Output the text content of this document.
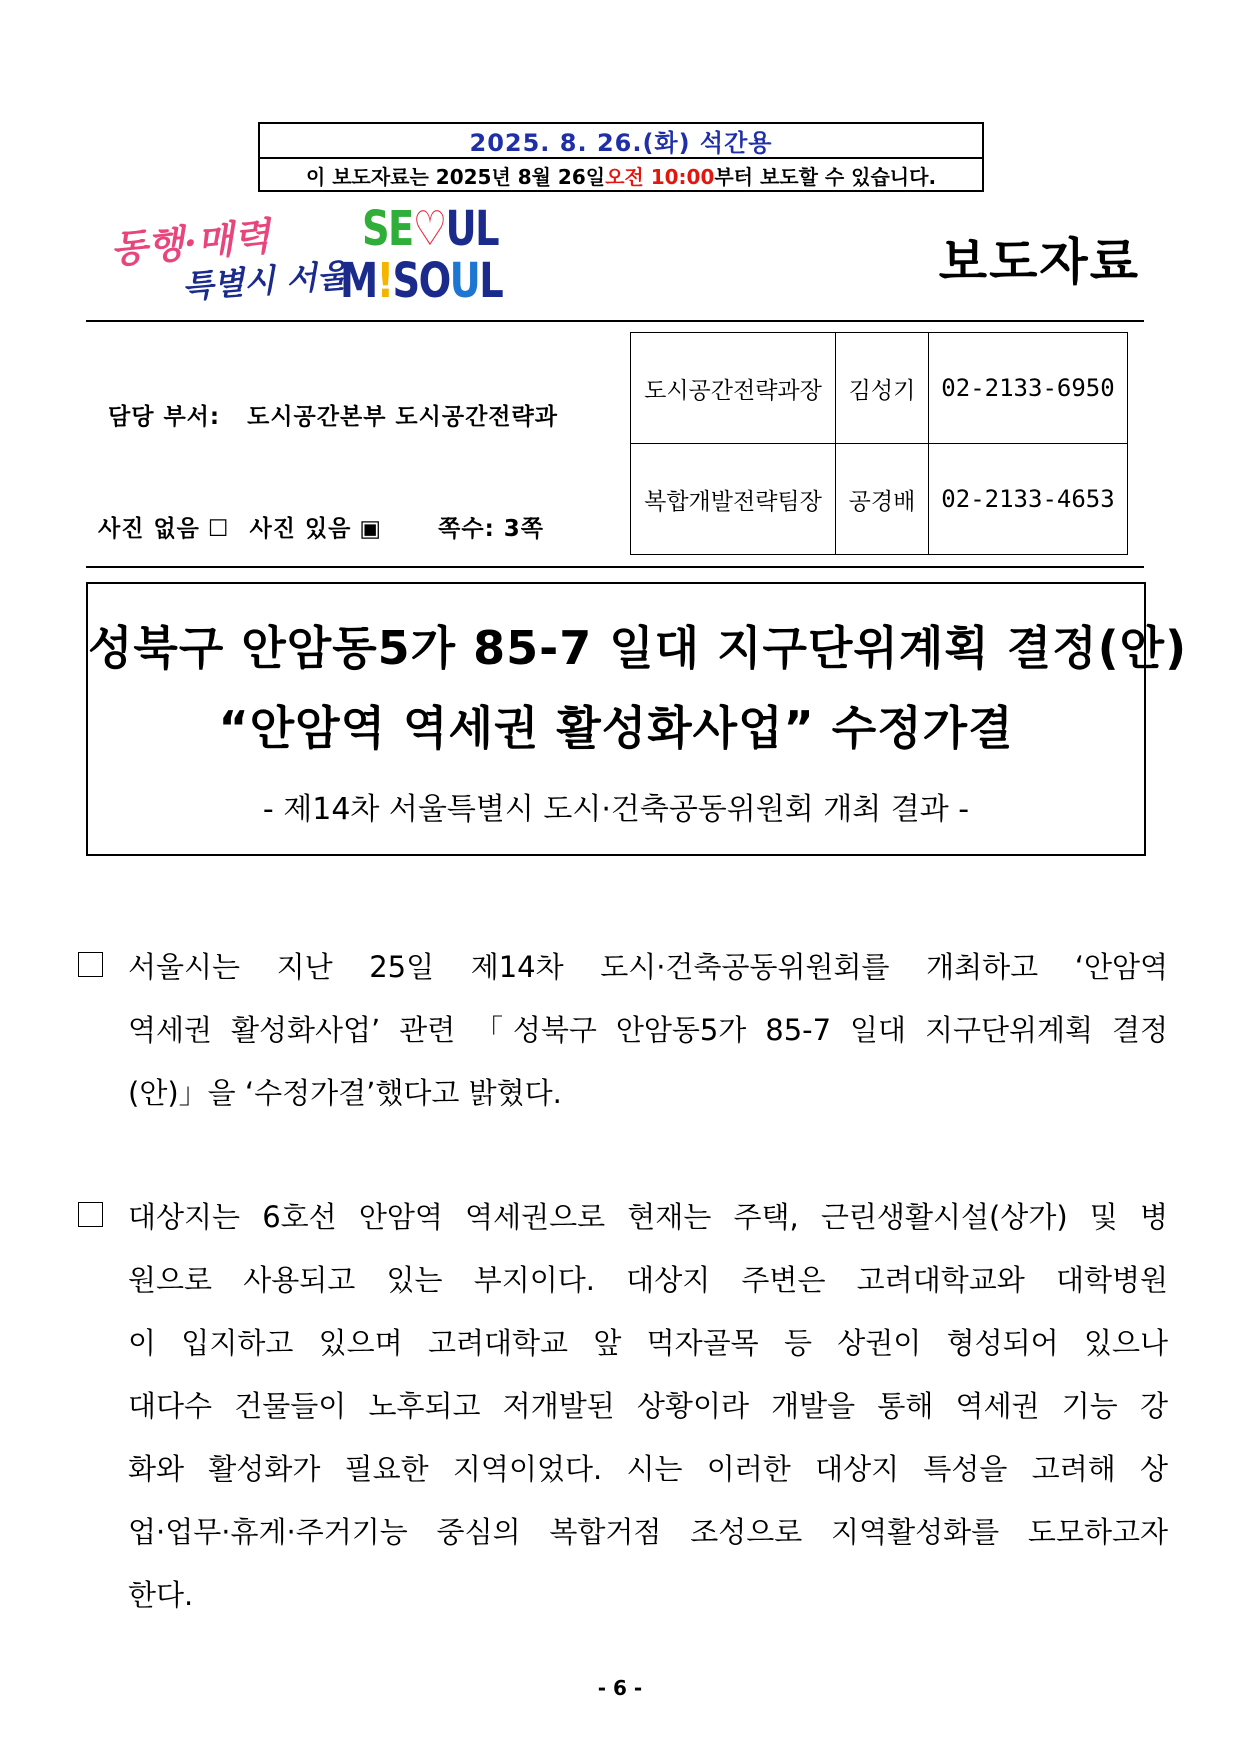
2025. 8. 26.(화) 석간용
이 보도자료는 2025년 8월 26일 오전 10:00 부터 보도할 수 있습니다.
동행·매력
특별시 서울
SE♡UL
M!SOUL	보도자료
담당 부서: 도시공간본부 도시공간전략과
사진 없음 ☐ 사진 있음 ▣ 쪽수: 3쪽
도시공간전략과장	김성기	02-2133-6950
복합개발전략팀장	공경배	02-2133-4653
성북구 안암동5가 85-7 일대 지구단위계획 결정(안)
“안암역 역세권 활성화사업” 수정가결
- 제14차 서울특별시 도시·건축공동위원회 개최 결과 -
서울시는 지난 25일 제14차 도시·건축공동위원회를 개최하고 ‘안암역
역세권 활성화사업’ 관련 「성북구 안암동5가 85-7 일대 지구단위계획 결정
(안)」을 ‘수정가결’했다고 밝혔다.
대상지는 6호선 안암역 역세권으로 현재는 주택, 근린생활시설(상가) 및 병
원으로 사용되고 있는 부지이다. 대상지 주변은 고려대학교와 대학병원
이 입지하고 있으며 고려대학교 앞 먹자골목 등 상권이 형성되어 있으나
대다수 건물들이 노후되고 저개발된 상황이라 개발을 통해 역세권 기능 강
화와 활성화가 필요한 지역이었다. 시는 이러한 대상지 특성을 고려해 상
업·업무·휴게·주거기능 중심의 복합거점 조성으로 지역활성화를 도모하고자
한다.
- 6 -
